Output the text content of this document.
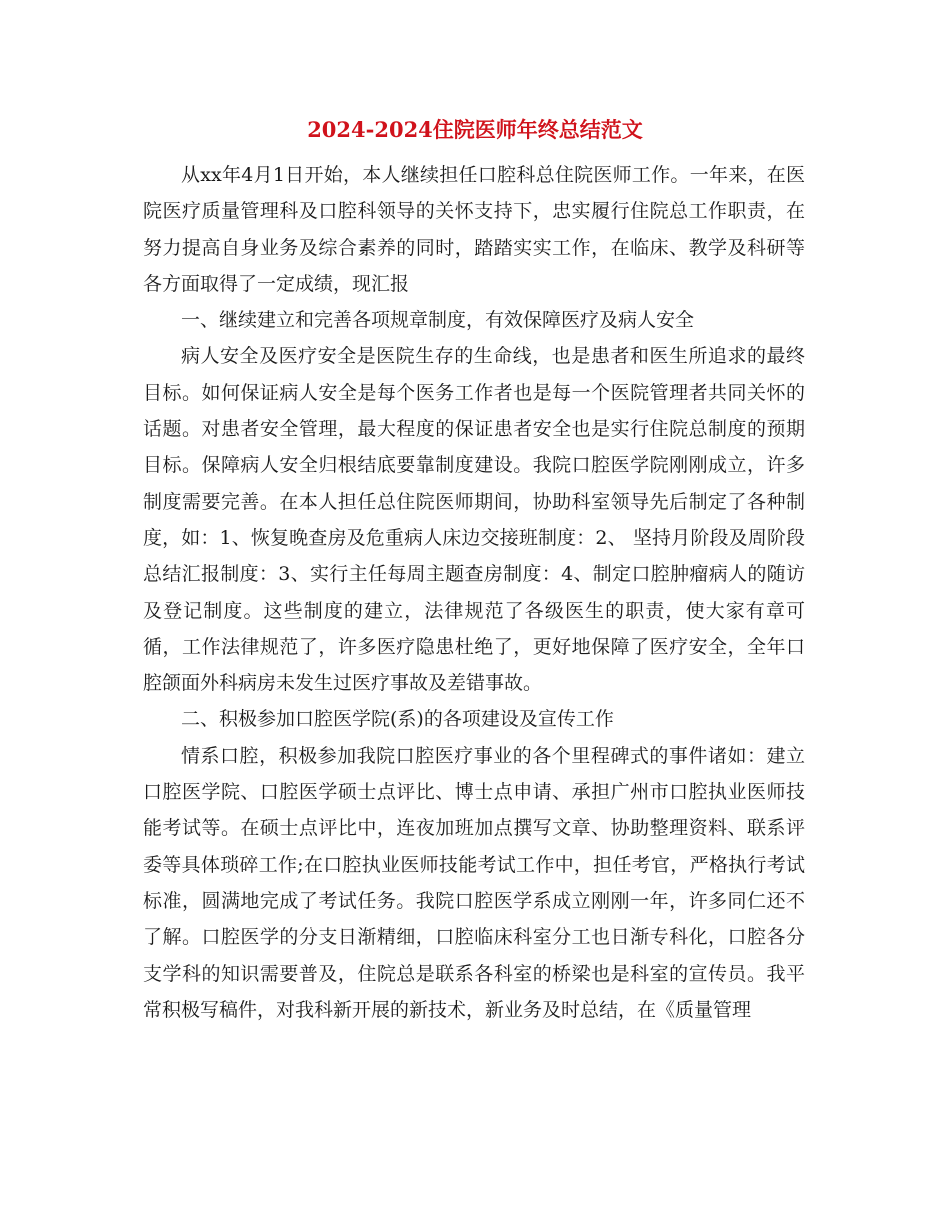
2024-2024住院医师年终总结范文

从xx年4月1日开始，本人继续担任口腔科总住院医师工作。一年来，在医院医疗质量管理科及口腔科领导的关怀支持下，忠实履行住院总工作职责，在努力提高自身业务及综合素养的同时，踏踏实实工作，在临床、教学及科研等各方面取得了一定成绩，现汇报

一、继续建立和完善各项规章制度，有效保障医疗及病人安全

病人安全及医疗安全是医院生存的生命线，也是患者和医生所追求的最终目标。如何保证病人安全是每个医务工作者也是每一个医院管理者共同关怀的话题。对患者安全管理，最大程度的保证患者安全也是实行住院总制度的预期目标。保障病人安全归根结底要靠制度建设。我院口腔医学院刚刚成立，许多制度需要完善。在本人担任总住院医师期间，协助科室领导先后制定了各种制度，如：1、恢复晚查房及危重病人床边交接班制度：2、 坚持月阶段及周阶段总结汇报制度：3、实行主任每周主题查房制度：4、制定口腔肿瘤病人的随访及登记制度。这些制度的建立，法律规范了各级医生的职责，使大家有章可循，工作法律规范了，许多医疗隐患杜绝了，更好地保障了医疗安全，全年口腔颌面外科病房未发生过医疗事故及差错事故。

二、积极参加口腔医学院(系)的各项建设及宣传工作

情系口腔，积极参加我院口腔医疗事业的各个里程碑式的事件诸如：建立口腔医学院、口腔医学硕士点评比、博士点申请、承担广州市口腔执业医师技能考试等。在硕士点评比中，连夜加班加点撰写文章、协助整理资料、联系评委等具体琐碎工作;在口腔执业医师技能考试工作中，担任考官，严格执行考试标准，圆满地完成了考试任务。我院口腔医学系成立刚刚一年，许多同仁还不了解。口腔医学的分支日渐精细，口腔临床科室分工也日渐专科化，口腔各分支学科的知识需要普及，住院总是联系各科室的桥梁也是科室的宣传员。我平常积极写稿件，对我科新开展的新技术，新业务及时总结，在《质量管理
